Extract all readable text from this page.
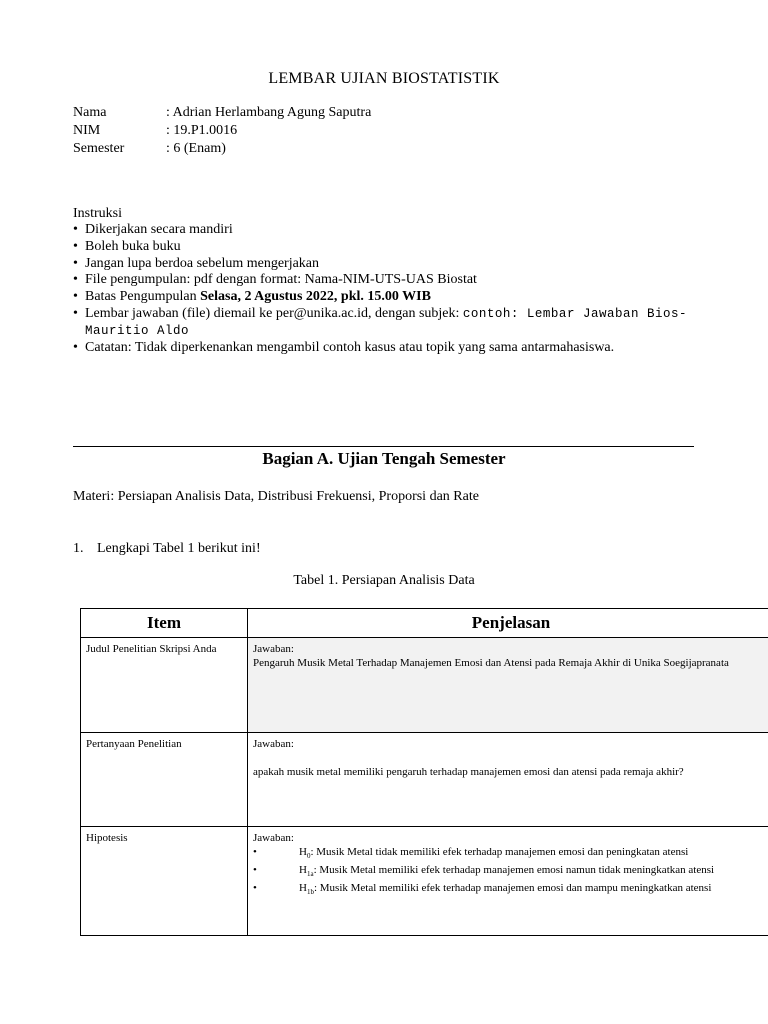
LEMBAR UJIAN BIOSTATISTIK
Nama	: Adrian Herlambang Agung Saputra
NIM	: 19.P1.0016
Semester	: 6 (Enam)
Instruksi
• Dikerjakan secara mandiri
• Boleh buka buku
• Jangan lupa berdoa sebelum mengerjakan
• File pengumpulan: pdf dengan format: Nama-NIM-UTS-UAS Biostat
• Batas Pengumpulan Selasa, 2 Agustus 2022, pkl. 15.00 WIB
• Lembar jawaban (file) diemail ke per@unika.ac.id, dengan subjek: contoh: Lembar Jawaban Bios-Mauritio Aldo
• Catatan: Tidak diperkenankan mengambil contoh kasus atau topik yang sama antarmahasiswa.
Bagian A. Ujian Tengah Semester
Materi: Persiapan Analisis Data, Distribusi Frekuensi, Proporsi dan Rate
1. Lengkapi Tabel 1 berikut ini!
Tabel 1. Persiapan Analisis Data
Item	Penjelasan
Judul Penelitian Skripsi Anda	Jawaban:
Pengaruh Musik Metal Terhadap Manajemen Emosi dan Atensi pada Remaja Akhir di Unika Soegijapranata

Pertanyaan Penelitian	Jawaban:
apakah musik metal memiliki pengaruh terhadap manajemen emosi dan atensi pada remaja akhir?

Hipotesis	Jawaban:
• $H_0$: Musik Metal tidak memiliki efek terhadap manajemen emosi dan peningkatan atensi
• $H_{1a}$: Musik Metal memiliki efek terhadap manajemen emosi namun tidak meningkatkan atensi
• $H_{1b}$: Musik Metal memiliki efek terhadap manajemen emosi dan mampu meningkatkan atensi
